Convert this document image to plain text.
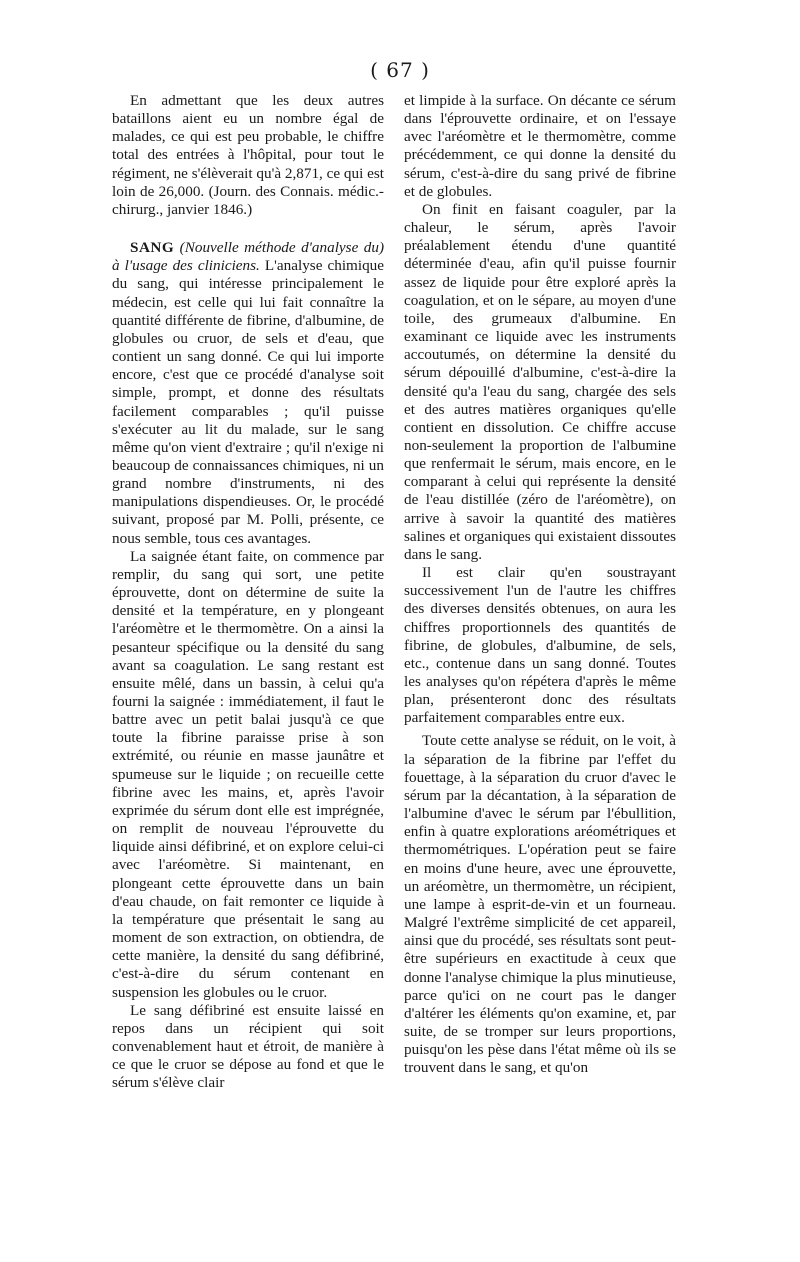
( 67 )

En admettant que les deux autres bataillons aient eu un nombre égal de malades, ce qui est peu probable, le chiffre total des entrées à l'hôpital, pour tout le régiment, ne s'élèverait qu'à 2,871, ce qui est loin de 26,000. (Journ. des Connais. médic.-chirurg., janvier 1846.)

SANG (Nouvelle méthode d'analyse du) à l'usage des cliniciens. L'analyse chimique du sang, qui intéresse principalement le médecin, est celle qui lui fait connaître la quantité différente de fibrine, d'albumine, de globules ou cruor, de sels et d'eau, que contient un sang donné. Ce qui lui importe encore, c'est que ce procédé d'analyse soit simple, prompt, et donne des résultats facilement comparables ; qu'il puisse s'exécuter au lit du malade, sur le sang même qu'on vient d'extraire ; qu'il n'exige ni beaucoup de connaissances chimiques, ni un grand nombre d'instruments, ni des manipulations dispendieuses. Or, le procédé suivant, proposé par M. Polli, présente, ce nous semble, tous ces avantages.

La saignée étant faite, on commence par remplir, du sang qui sort, une petite éprouvette, dont on détermine de suite la densité et la température, en y plongeant l'aréomètre et le thermomètre. On a ainsi la pesanteur spécifique ou la densité du sang avant sa coagulation. Le sang restant est ensuite mêlé, dans un bassin, à celui qu'a fourni la saignée : immédiatement, il faut le battre avec un petit balai jusqu'à ce que toute la fibrine paraisse prise à son extrémité, ou réunie en masse jaunâtre et spumeuse sur le liquide ; on recueille cette fibrine avec les mains, et, après l'avoir exprimée du sérum dont elle est imprégnée, on remplit de nouveau l'éprouvette du liquide ainsi défibriné, et on explore celui-ci avec l'aréomètre. Si maintenant, en plongeant cette éprouvette dans un bain d'eau chaude, on fait remonter ce liquide à la température que présentait le sang au moment de son extraction, on obtiendra, de cette manière, la densité du sang défibriné, c'est-à-dire du sérum contenant en suspension les globules ou le cruor.

Le sang défibriné est ensuite laissé en repos dans un récipient qui soit convenablement haut et étroit, de manière à ce que le cruor se dépose au fond et que le sérum s'élève clair

et limpide à la surface. On décante ce sérum dans l'éprouvette ordinaire, et on l'essaye avec l'aréomètre et le thermomètre, comme précédemment, ce qui donne la densité du sérum, c'est-à-dire du sang privé de fibrine et de globules.

On finit en faisant coaguler, par la chaleur, le sérum, après l'avoir préalablement étendu d'une quantité déterminée d'eau, afin qu'il puisse fournir assez de liquide pour être exploré après la coagulation, et on le sépare, au moyen d'une toile, des grumeaux d'albumine. En examinant ce liquide avec les instruments accoutumés, on détermine la densité du sérum dépouillé d'albumine, c'est-à-dire la densité qu'a l'eau du sang, chargée des sels et des autres matières organiques qu'elle contient en dissolution. Ce chiffre accuse non-seulement la proportion de l'albumine que renfermait le sérum, mais encore, en le comparant à celui qui représente la densité de l'eau distillée (zéro de l'aréomètre), on arrive à savoir la quantité des matières salines et organiques qui existaient dissoutes dans le sang.

Il est clair qu'en soustrayant successivement l'un de l'autre les chiffres des diverses densités obtenues, on aura les chiffres proportionnels des quantités de fibrine, de globules, d'albumine, de sels, etc., contenue dans un sang donné. Toutes les analyses qu'on répétera d'après le même plan, présenteront donc des résultats parfaitement comparables entre eux.

Toute cette analyse se réduit, on le voit, à la séparation de la fibrine par l'effet du fouettage, à la séparation du cruor d'avec le sérum par la décantation, à la séparation de l'albumine d'avec le sérum par l'ébullition, enfin à quatre explorations aréométriques et thermométriques. L'opération peut se faire en moins d'une heure, avec une éprouvette, un aréomètre, un thermomètre, un récipient, une lampe à esprit-de-vin et un fourneau. Malgré l'extrême simplicité de cet appareil, ainsi que du procédé, ses résultats sont peut-être supérieurs en exactitude à ceux que donne l'analyse chimique la plus minutieuse, parce qu'ici on ne court pas le danger d'altérer les éléments qu'on examine, et, par suite, de se tromper sur leurs proportions, puisqu'on les pèse dans l'état même où ils se trouvent dans le sang, et qu'on
